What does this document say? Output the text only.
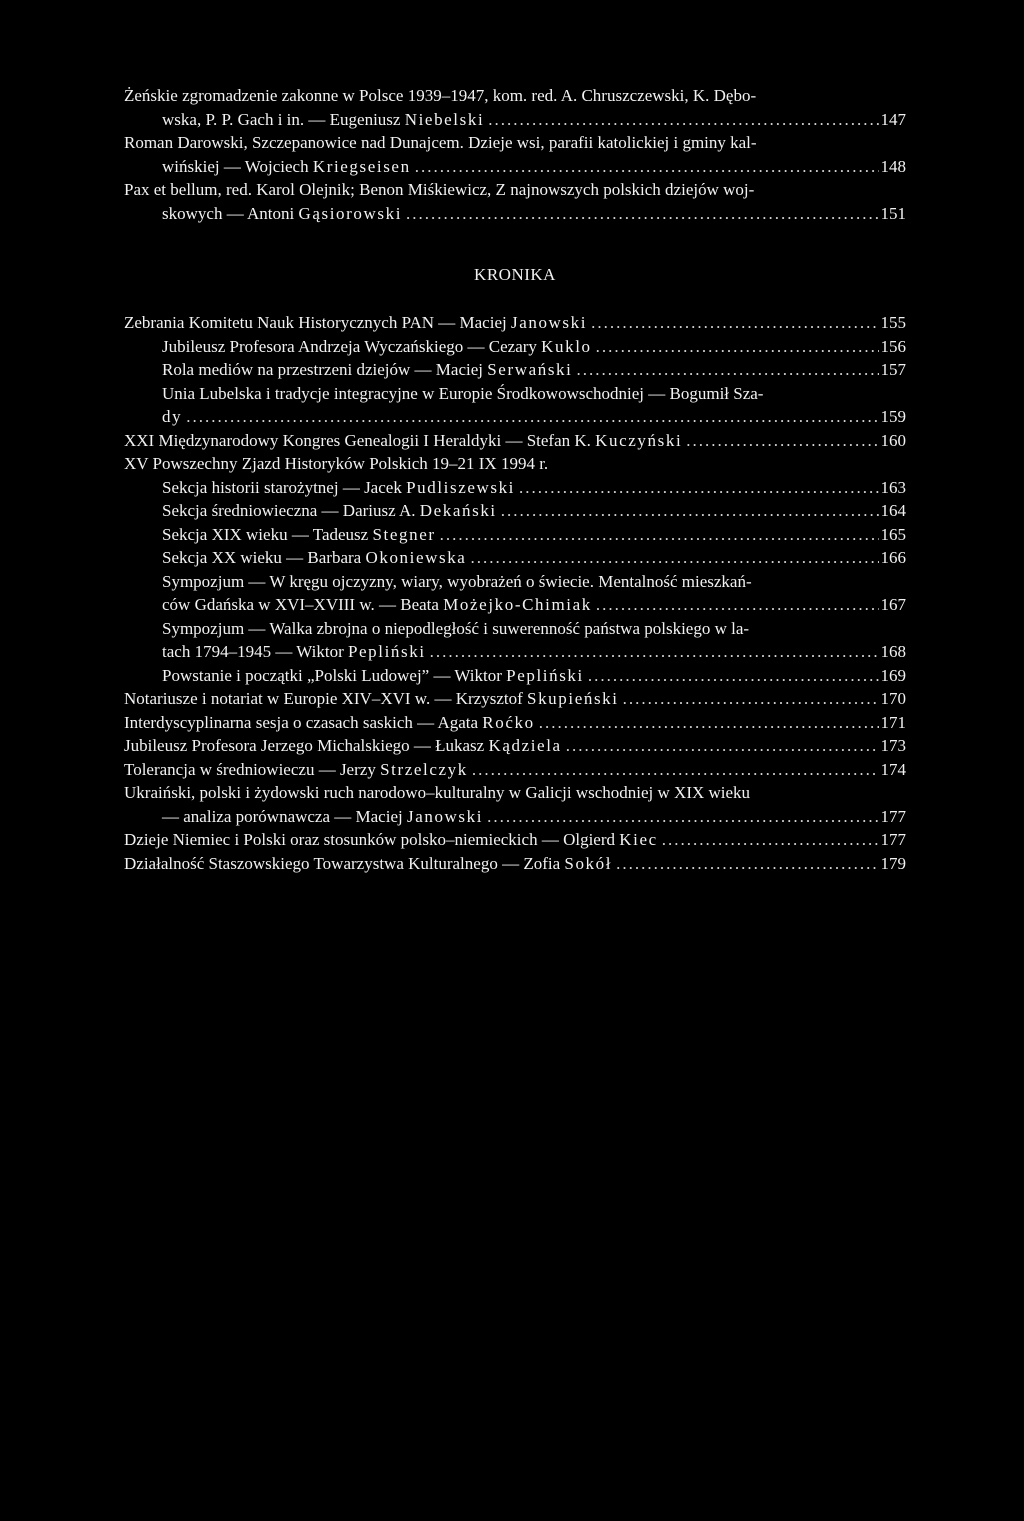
Żeńskie zgromadzenie zakonne w Polsce 1939–1947, kom. red. A. Chruszczewski, K. Dębo-
wska, P. P. Gach i in. — Eugeniusz Niebelski .....	147
Roman Darowski, Szczepanowice nad Dunajcem. Dzieje wsi, parafii katolickiej i gminy kal-
wińskiej — Wojciech Kriegseisen .....	148
Pax et bellum, red. Karol Olejnik; Benon Miśkiewicz, Z najnowszych polskich dziejów woj-
skowych — Antoni Gąsiorowski .....	151
KRONIKA
Zebrania Komitetu Nauk Historycznych PAN — Maciej Janowski .....	155
Jubileusz Profesora Andrzeja Wyczańskiego — Cezary Kuklo .....	156
Rola mediów na przestrzeni dziejów — Maciej Serwański .....	157
Unia Lubelska i tradycje integracyjne w Europie Środkowowschodniej — Bogumił Sza-
dy .....	159
XXI Międzynarodowy Kongres Genealogii I Heraldyki — Stefan K. Kuczyński .....	160
XV Powszechny Zjazd Historyków Polskich 19–21 IX 1994 r.
Sekcja historii starożytnej — Jacek Pudliszewski .....	163
Sekcja średniowieczna — Dariusz A. Dekański .....	164
Sekcja XIX wieku — Tadeusz Stegner .....	165
Sekcja XX wieku — Barbara Okoniewska .....	166
Sympozjum — W kręgu ojczyzny, wiary, wyobrażeń o świecie. Mentalność mieszkań-
ców Gdańska w XVI–XVIII w. — Beata Możejko-Chimiak .....	167
Sympozjum — Walka zbrojna o niepodległość i suwerenność państwa polskiego w la-
tach 1794–1945 — Wiktor Pepliński .....	168
Powstanie i początki „Polski Ludowej” — Wiktor Pepliński .....	169
Notariusze i notariat w Europie XIV–XVI w. — Krzysztof Skupieński .....	170
Interdyscyplinarna sesja o czasach saskich — Agata Roćko .....	171
Jubileusz Profesora Jerzego Michalskiego — Łukasz Kądziela .....	173
Tolerancja w średniowieczu — Jerzy Strzelczyk .....	174
Ukraiński, polski i żydowski ruch narodowo–kulturalny w Galicji wschodniej w XIX wieku
— analiza porównawcza — Maciej Janowski .....	177
Dzieje Niemiec i Polski oraz stosunków polsko–niemieckich — Olgierd Kiec .....	177
Działalność Staszowskiego Towarzystwa Kulturalnego — Zofia Sokół .....	179
